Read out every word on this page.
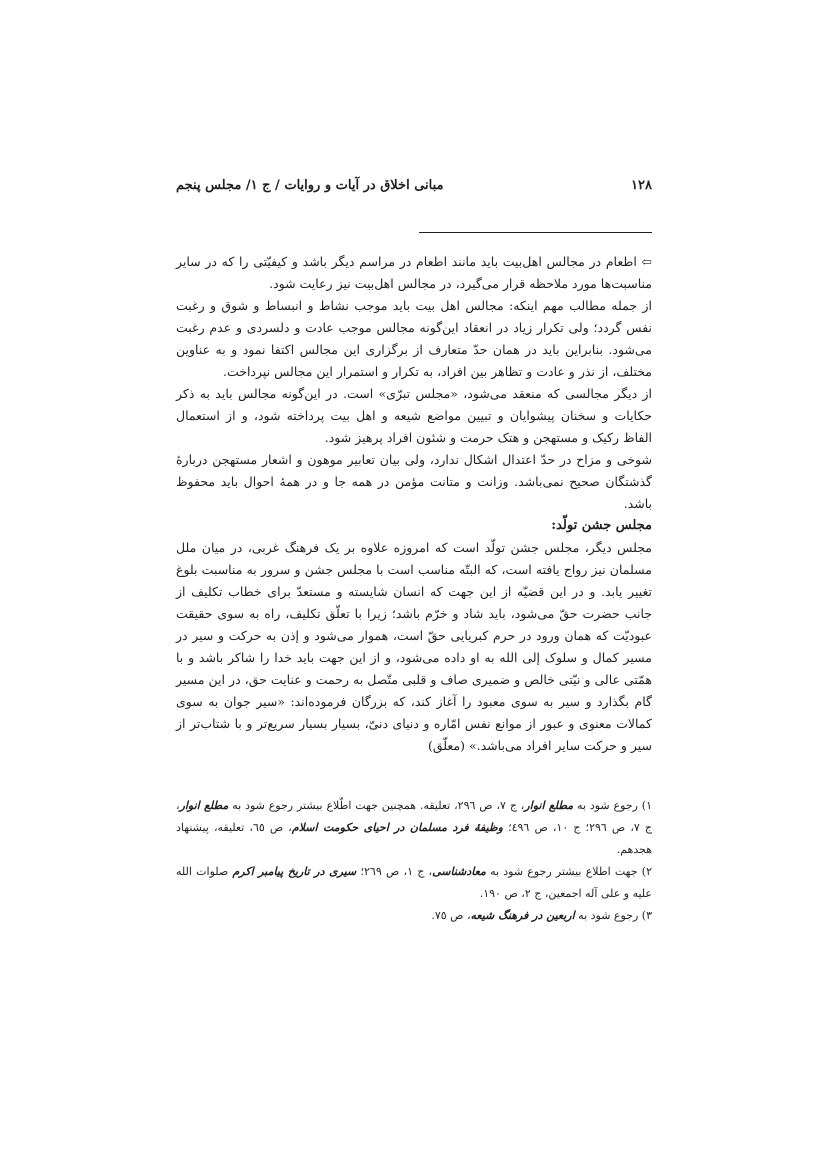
۱۲۸
مبانی اخلاق در آیات و روایات / ج ۱/ مجلس پنجم

⇦ اطعام در مجالس اهل‌بیت باید مانند اطعام در مراسم دیگر باشد و کیفیّتی را که در سایر مناسبت‌ها مورد ملاحظه قرار می‌گیرد، در مجالس اهل‌بیت نیز رعایت شود.

از جمله مطالب مهم اینکه: مجالس اهل بیت باید موجب نشاط و انبساط و شوق و رغبت نفس گردد؛ ولی تکرار زیاد در انعقاد این‌گونه مجالس موجب عادت و دلسردی و عدم رغبت می‌شود. بنابراین باید در همان حدّ متعارف از برگزاری این مجالس اکتفا نمود و به عناوین مختلف، از نذر و عادت و تظاهر بین افراد، به تکرار و استمرار این مجالس نپرداخت.

از دیگر مجالسی که منعقد می‌شود، «مجلس تبرّی» است. در این‌گونه مجالس باید به ذکر حکایات و سخنان پیشوایان و تبیین مواضع شیعه و اهل بیت پرداخته شود، و از استعمال الفاظ رکیک و مستهجن و هتک حرمت و شئون افراد پرهیز شود.

شوخی و مزاح در حدّ اعتدال اشکال ندارد، ولی بیان تعابیر موهون و اشعار مستهجن دربارهٔ گذشتگان صحیح نمی‌باشد. وزانت و متانت مؤمن در همه جا و در همهٔ احوال باید محفوظ باشد.

مجلس جشن تولّد:

مجلس دیگر، مجلس جشن تولّد است که امروزه علاوه بر یک فرهنگ غربی، در میان ملل مسلمان نیز رواج یافته است، که البتّه مناسب است با مجلس جشن و سرور به مناسبت بلوغ تغییر یابد. و در این قضیّه از این جهت که انسان شایسته و مستعدّ برای خطاب تکلیف از جانب حضرت حقّ می‌شود، باید شاد و خرّم باشد؛ زیرا با تعلّق تکلیف، راه به سوی حقیقت عبودیّت که همان ورود در حرم کبریایی حقّ است، هموار می‌شود و إذن به حرکت و سیر در مسیر کمال و سلوک إلی الله به او داده می‌شود، و از این جهت باید خدا را شاکر باشد و با همّتی عالی و نیّتی خالص و ضمیری صاف و قلبی متّصل به رحمت و عنایت حق، در این مسیر گام بگذارد و سیر به سوی معبود را آغاز کند، که بزرگان فرموده‌اند: «سیر جوان به سوی کمالات معنوی و عبور از موانع نفس امّاره و دنیای دنیّ، بسیار بسیار سریع‌تر و با شتاب‌تر از سیر و حرکت سایر افراد می‌باشد.» (معلّق)

۱) رجوع شود به مطلع انوار، ج ۷، ص ۲۹٦، تعلیقه. همچنین جهت اطّلاع بیشتر رجوع شود به مطلع انوار، ج ۷، ص ۲۹٦؛ ج ۱۰، ص ٤۹٦؛ وظیفهٔ فرد مسلمان در احیای حکومت اسلام، ص ٦٥، تعلیقه، پیشنهاد هجدهم.

۲) جهت اطلاع بیشتر رجوع شود به معادشناسی، ج ۱، ص ۲٦۹؛ سیری در تاریخ پیامبر اکرم صلوات الله علیه و علی آله اجمعین، ج ۲، ص ۱۹۰.

۳) رجوع شود به اربعین در فرهنگ شیعه، ص ۷٥.
